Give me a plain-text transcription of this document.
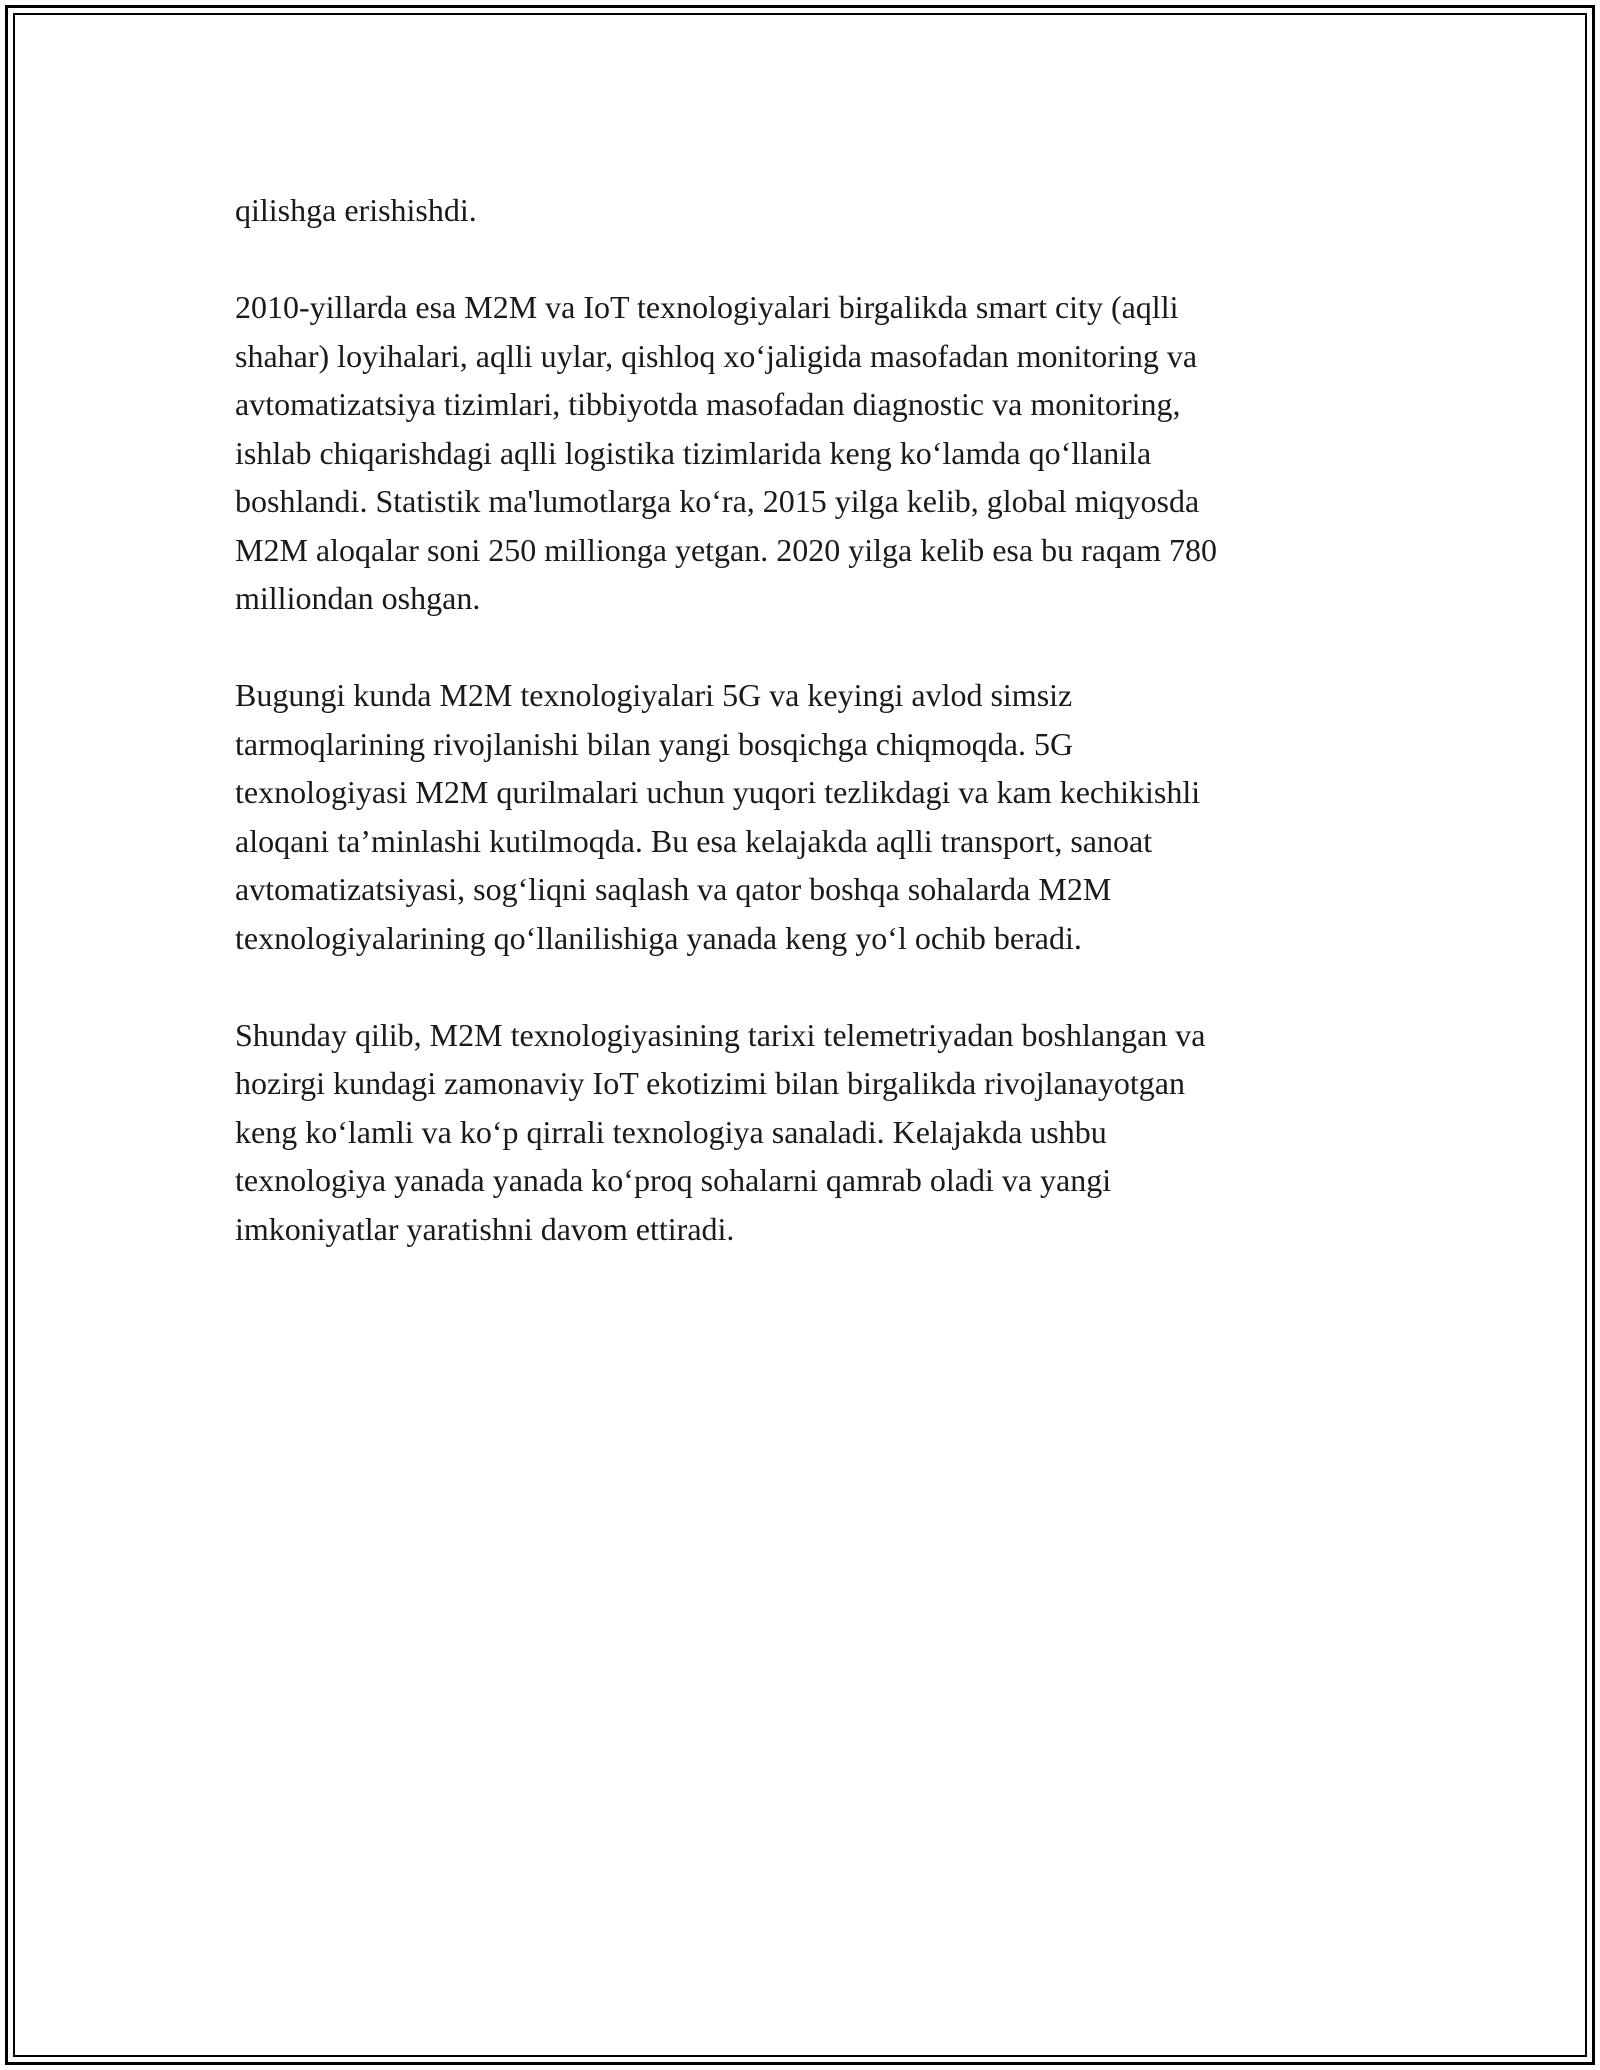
qilishga erishishdi.

2010-yillarda esa M2M va IoT texnologiyalari birgalikda smart city (aqlli
shahar) loyihalari, aqlli uylar, qishloq xo‘jaligida masofadan monitoring va
avtomatizatsiya tizimlari, tibbiyotda masofadan diagnostic va monitoring,
ishlab chiqarishdagi aqlli logistika tizimlarida keng ko‘lamda qo‘llanila
boshlandi. Statistik ma'lumotlarga ko‘ra, 2015 yilga kelib, global miqyosda
M2M aloqalar soni 250 millionga yetgan. 2020 yilga kelib esa bu raqam 780
milliondan oshgan.

Bugungi kunda M2M texnologiyalari 5G va keyingi avlod simsiz
tarmoqlarining rivojlanishi bilan yangi bosqichga chiqmoqda. 5G
texnologiyasi M2M qurilmalari uchun yuqori tezlikdagi va kam kechikishli
aloqani ta’minlashi kutilmoqda. Bu esa kelajakda aqlli transport, sanoat
avtomatizatsiyasi, sog‘liqni saqlash va qator boshqa sohalarda M2M
texnologiyalarining qo‘llanilishiga yanada keng yo‘l ochib beradi.

Shunday qilib, M2M texnologiyasining tarixi telemetriyadan boshlangan va
hozirgi kundagi zamonaviy IoT ekotizimi bilan birgalikda rivojlanayotgan
keng ko‘lamli va ko‘p qirrali texnologiya sanaladi. Kelajakda ushbu
texnologiya yanada yanada ko‘proq sohalarni qamrab oladi va yangi
imkoniyatlar yaratishni davom ettiradi.
